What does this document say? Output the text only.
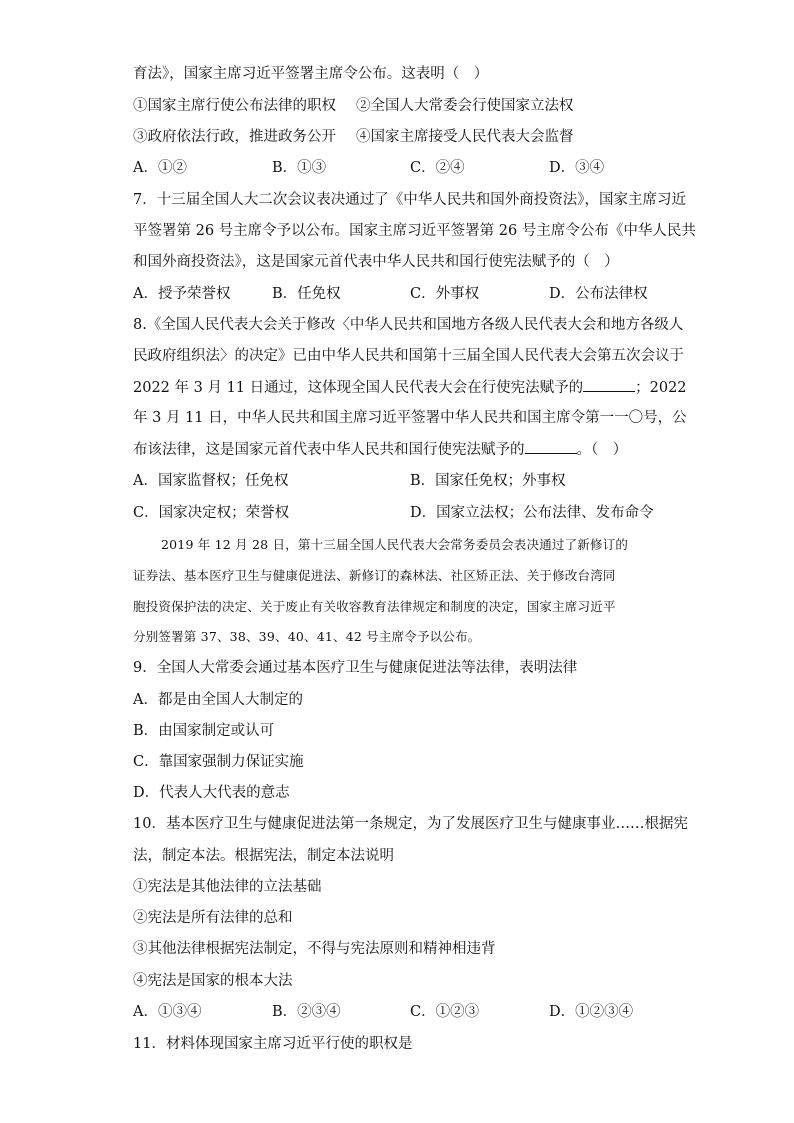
育法》，国家主席习近平签署主席令公布。这表明（　）
①国家主席行使公布法律的职权 ②全国人大常委会行使国家立法权
③政府依法行政，推进政务公开 ④国家主席接受人民代表大会监督
A．①②	B．①③	C．②④	D．③④
7．十三届全国人大二次会议表决通过了《中华人民共和国外商投资法》，国家主席习近
平签署第 26 号主席令予以公布。国家主席习近平签署第 26 号主席令公布《中华人民共
和国外商投资法》，这是国家元首代表中华人民共和国行使宪法赋予的（　）
A．授予荣誉权	B．任免权	C．外事权	D．公布法律权
8.《全国人民代表大会关于修改〈中华人民共和国地方各级人民代表大会和地方各级人
民政府组织法〉的决定》已由中华人民共和国第十三届全国人民代表大会第五次会议于
2022 年 3 月 11 日通过，这体现全国人民代表大会在行使宪法赋予的	；2022
年 3 月 11 日，中华人民共和国主席习近平签署中华人民共和国主席令第一一〇号，公
布该法律，这是国家元首代表中华人民共和国行使宪法赋予的	。（　）
A．国家监督权；任免权	B．国家任免权；外事权
C．国家决定权；荣誉权	D．国家立法权；公布法律、发布命令
2019 年 12 月 28 日，第十三届全国人民代表大会常务委员会表决通过了新修订的
证券法、基本医疗卫生与健康促进法、新修订的森林法、社区矫正法、关于修改台湾同
胞投资保护法的决定、关于废止有关收容教育法律规定和制度的决定，国家主席习近平
分别签署第 37、38、39、40、41、42 号主席令予以公布。
9．全国人大常委会通过基本医疗卫生与健康促进法等法律，表明法律
A．都是由全国人大制定的
B．由国家制定或认可
C．靠国家强制力保证实施
D．代表人大代表的意志
10．基本医疗卫生与健康促进法第一条规定，为了发展医疗卫生与健康事业……根据宪
法，制定本法。根据宪法，制定本法说明
①宪法是其他法律的立法基础
②宪法是所有法律的总和
③其他法律根据宪法制定，不得与宪法原则和精神相违背
④宪法是国家的根本大法
A．①③④	B．②③④	C．①②③	D．①②③④
11．材料体现国家主席习近平行使的职权是
